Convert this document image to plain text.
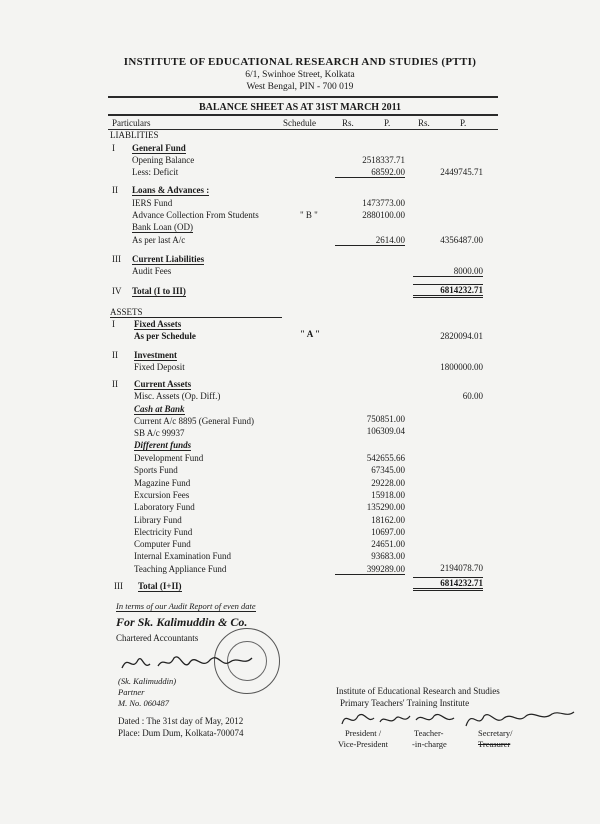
INSTITUTE OF EDUCATIONAL RESEARCH AND STUDIES (PTTI)
6/1, Swinhoe Street, Kolkata
West Bengal, PIN - 700 019
BALANCE SHEET AS AT 31ST MARCH 2011
Particulars	Schedule	Rs.	P.	Rs.	P.
LIABLITIES
I General Fund
Opening Balance	2518337.71
Less: Deficit	68592.00	2449745.71
II Loans & Advances :
IERS Fund	1473773.00
Advance Collection From Students	" B "	2880100.00
Bank Loan (OD)
As per last A/c	2614.00	4356487.00
III Current Liabilities
Audit Fees	8000.00
IV Total (I to III)	6814232.71
ASSETS
I Fixed Assets
As per Schedule	" A "	2820094.01
II Investment
Fixed Deposit	1800000.00
II Current Assets
Misc. Assets (Op. Diff.)	60.00
Cash at Bank
Current A/c 8895 (General Fund)	750851.00
SB A/c 99937	106309.04
Different funds
Development Fund	542655.66
Sports Fund	67345.00
Magazine Fund	29228.00
Excursion Fees	15918.00
Laboratory Fund	135290.00
Library Fund	18162.00
Electricity Fund	10697.00
Computer Fund	24651.00
Internal Examination Fund	93683.00
Teaching Appliance Fund	399289.00	2194078.70
III Total (I+II)	6814232.71
In terms of our Audit Report of even date
For Sk. Kalimuddin & Co.
Chartered Accountants
(Sk. Kalimuddin)
Partner
M. No. 060487
Dated : The 31st day of May, 2012
Place: Dum Dum, Kolkata-700074
Institute of Educational Research and Studies
Primary Teachers' Training Institute
President /
Vice-President
Teacher-
-in-charge
Secretary/
Treasurer
